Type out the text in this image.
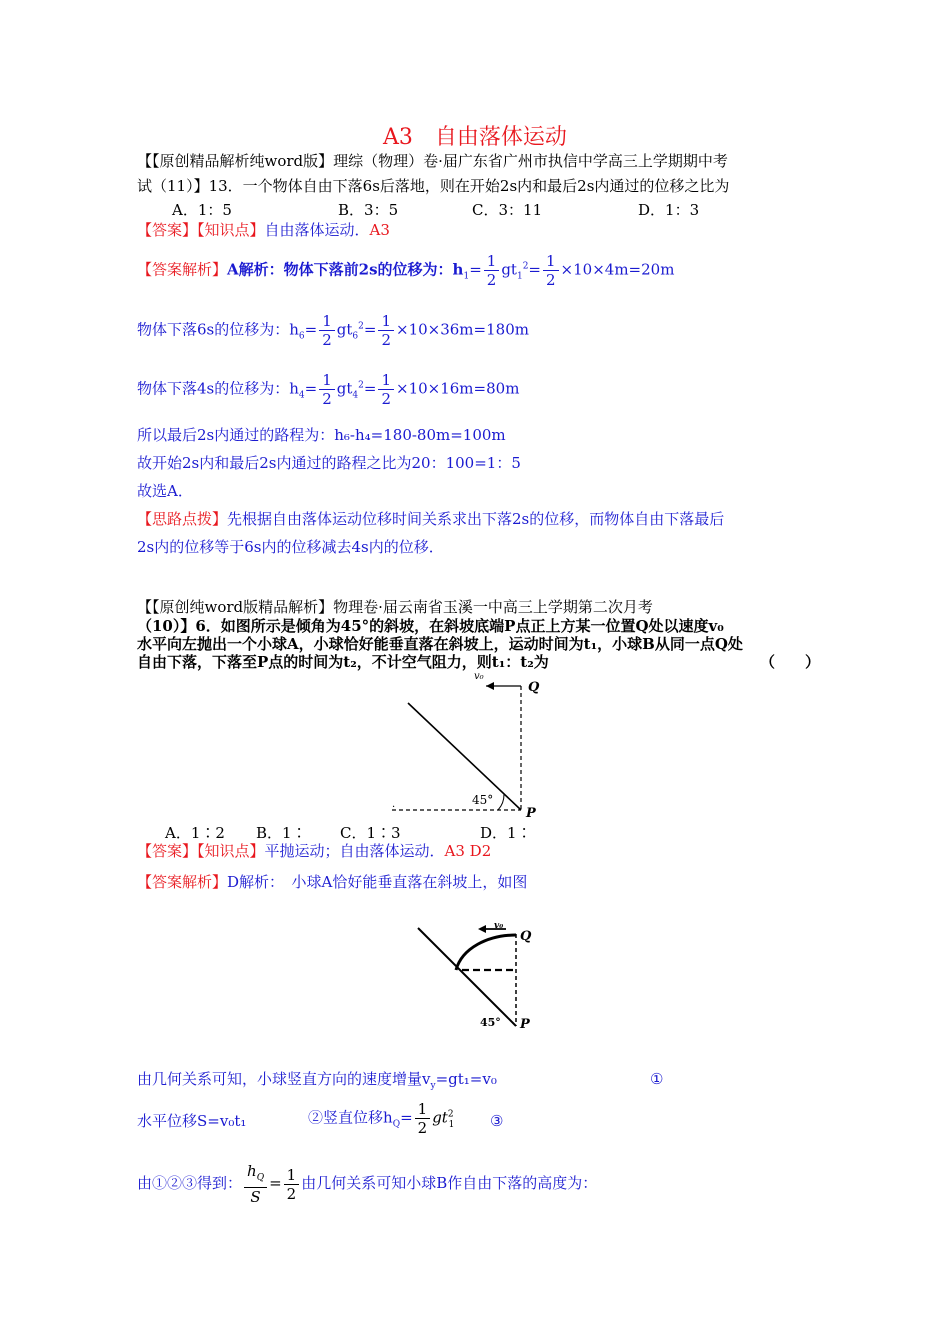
A3　自由落体运动
【【原创精品解析纯word版】理综（物理）卷·届广东省广州市执信中学高三上学期期中考
试（11）】13．一个物体自由下落6s后落地，则在开始2s内和最后2s内通过的位移之比为
A．1：5	B．3：5	C．3：11	D．1：3
【答案】【知识点】自由落体运动．A3
【答案解析】A解析：物体下落前2s的位移为：$h_1= \frac{1}{2} gt_1^2= \frac{1}{2} \times 10\times 4m=20m$
物体下落6s的位移为：$h_6= \frac{1}{2} gt_6^2= \frac{1}{2} \times 10\times 36m=180m$
物体下落4s的位移为：$h_4= \frac{1}{2} gt_4^2= \frac{1}{2} \times 10\times 16m=80m$
所以最后2s内通过的路程为：h₆-h₄=180-80m=100m
故开始2s内和最后2s内通过的路程之比为20：100=1：5
故选A．
【思路点拨】先根据自由落体运动位移时间关系求出下落2s的位移，而物体自由下落最后
2s内的位移等于6s内的位移减去4s内的位移．
【【原创纯word版精品解析】物理卷·届云南省玉溪一中高三上学期第二次月考
（10）】6．如图所示是倾角为45°的斜坡，在斜坡底端P点正上方某一位置Q处以速度v₀
水平向左抛出一个小球A，小球恰好能垂直落在斜坡上，运动时间为t₁，小球B从同一点Q处
自由下落，下落至P点的时间为t₂，不计空气阻力，则t₁：t₂为	（　　）
v₀
Q
P
45°
·
A．1∶2 B．1∶ C．1∶3	D．1∶
【答案】【知识点】平抛运动；自由落体运动．A3 D2
【答案解析】D解析：　小球A恰好能垂直落在斜坡上，如图
v₀
Q
P
45°
由几何关系可知，小球竖直方向的速度增量$v_y=gt_1=v_0$	①
水平位移S=v₀t₁	②竖直位移$h_Q= \frac{1}{2} gt^2_1$ ③
由①②③得到： $\frac{h_Q}{S} = \frac{1}{2}$ 由几何关系可知小球B作自由下落的高度为：
